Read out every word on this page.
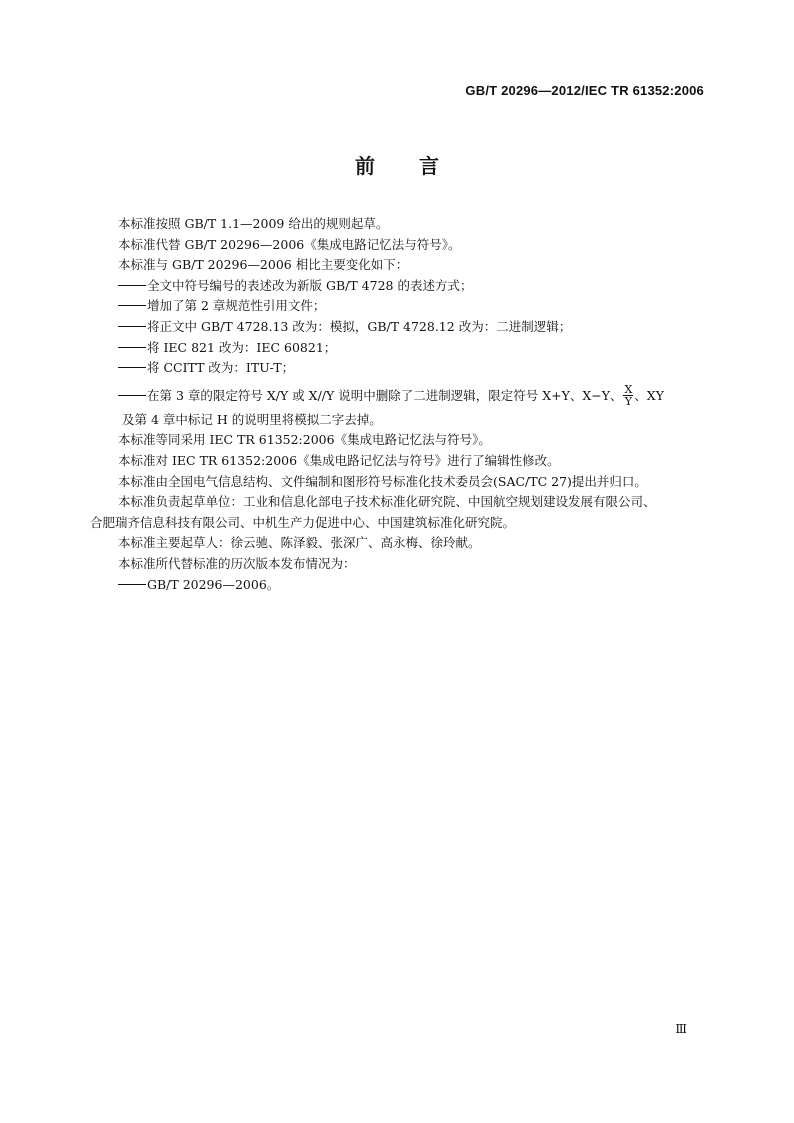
GB/T 20296—2012/IEC TR 61352:2006
前言

本标准按照 GB/T 1.1—2009 给出的规则起草。

本标准代替 GB/T 20296—2006《集成电路记忆法与符号》。

本标准与 GB/T 20296—2006 相比主要变化如下：

全文中符号编号的表述改为新版 GB/T 4728 的表述方式；

增加了第 2 章规范性引用文件；

将正文中 GB/T 4728.13 改为：模拟，GB/T 4728.12 改为：二进制逻辑；

将 IEC 821 改为：IEC 60821；

将 CCITT 改为：ITU-T；

在第 3 章的限定符号 X/Y 或 X//Y 说明中删除了二进制逻辑，限定符号 X+Y、X−Y、 $\frac{X}{Y}$ 、XY

及第 4 章中标记 H 的说明里将模拟二字去掉。

本标准等同采用 IEC TR 61352:2006《集成电路记忆法与符号》。

本标准对 IEC TR 61352:2006《集成电路记忆法与符号》进行了编辑性修改。

本标准由全国电气信息结构、文件编制和图形符号标准化技术委员会(SAC/TC 27)提出并归口。

本标准负责起草单位：工业和信息化部电子技术标准化研究院、中国航空规划建设发展有限公司、

合肥瑞齐信息科技有限公司、中机生产力促进中心、中国建筑标准化研究院。

本标准主要起草人：徐云驰、陈泽毅、张深广、高永梅、徐玲献。

本标准所代替标准的历次版本发布情况为：

GB/T 20296—2006。

Ⅲ
